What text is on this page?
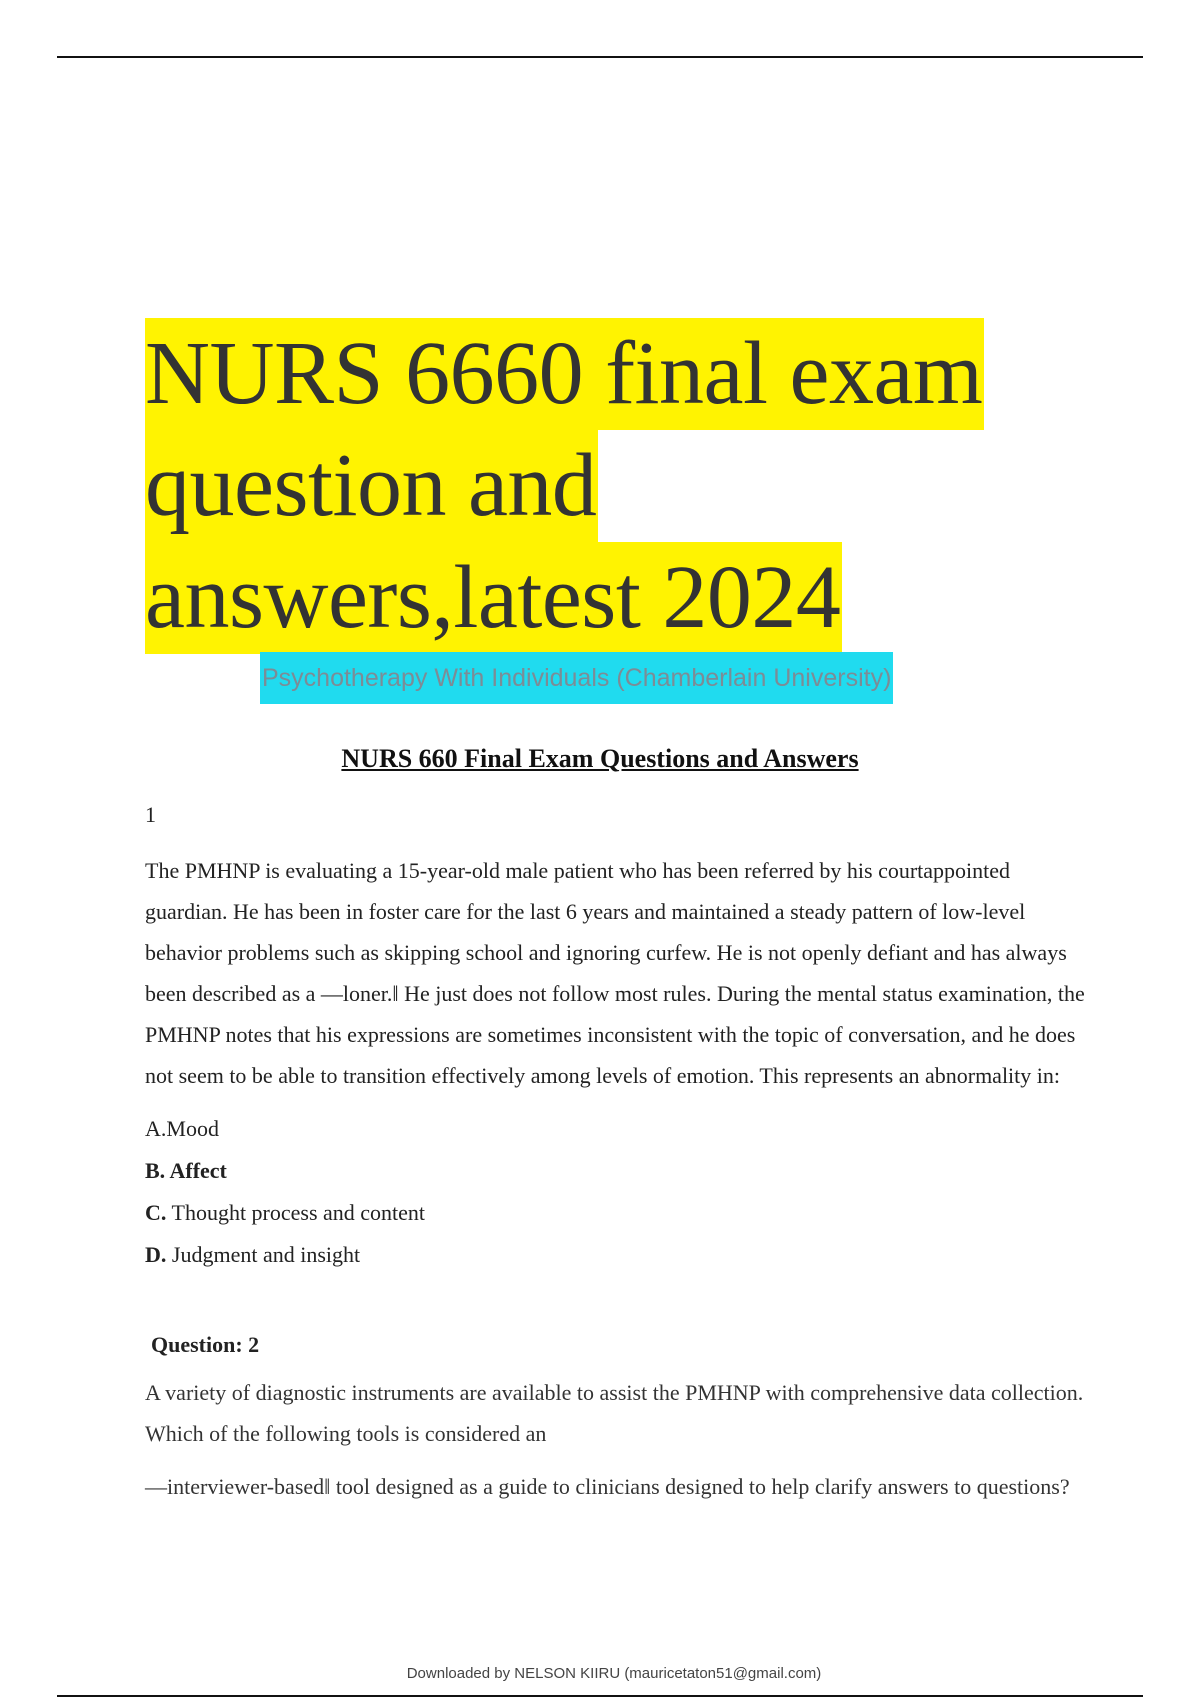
NURS 6660 final exam
question and
answers,latest 2024
Psychotherapy With Individuals (Chamberlain University)
NURS 660 Final Exam Questions and Answers
1

The PMHNP is evaluating a 15-year-old male patient who has been referred by his courtappointed guardian. He has been in foster care for the last 6 years and maintained a steady pattern of low-level behavior problems such as skipping school and ignoring curfew. He is not openly defiant and has always been described as a —loner.‖ He just does not follow most rules. During the mental status examination, the PMHNP notes that his expressions are sometimes inconsistent with the topic of conversation, and he does not seem to be able to transition effectively among levels of emotion. This represents an abnormality in:

A.Mood
B. Affect
C. Thought process and content
D. Judgment and insight
Question: 2

A variety of diagnostic instruments are available to assist the PMHNP with comprehensive data collection. Which of the following tools is considered an

—interviewer-based‖ tool designed as a guide to clinicians designed to help clarify answers to questions?

Downloaded by NELSON KIIRU (mauricetaton51@gmail.com)
